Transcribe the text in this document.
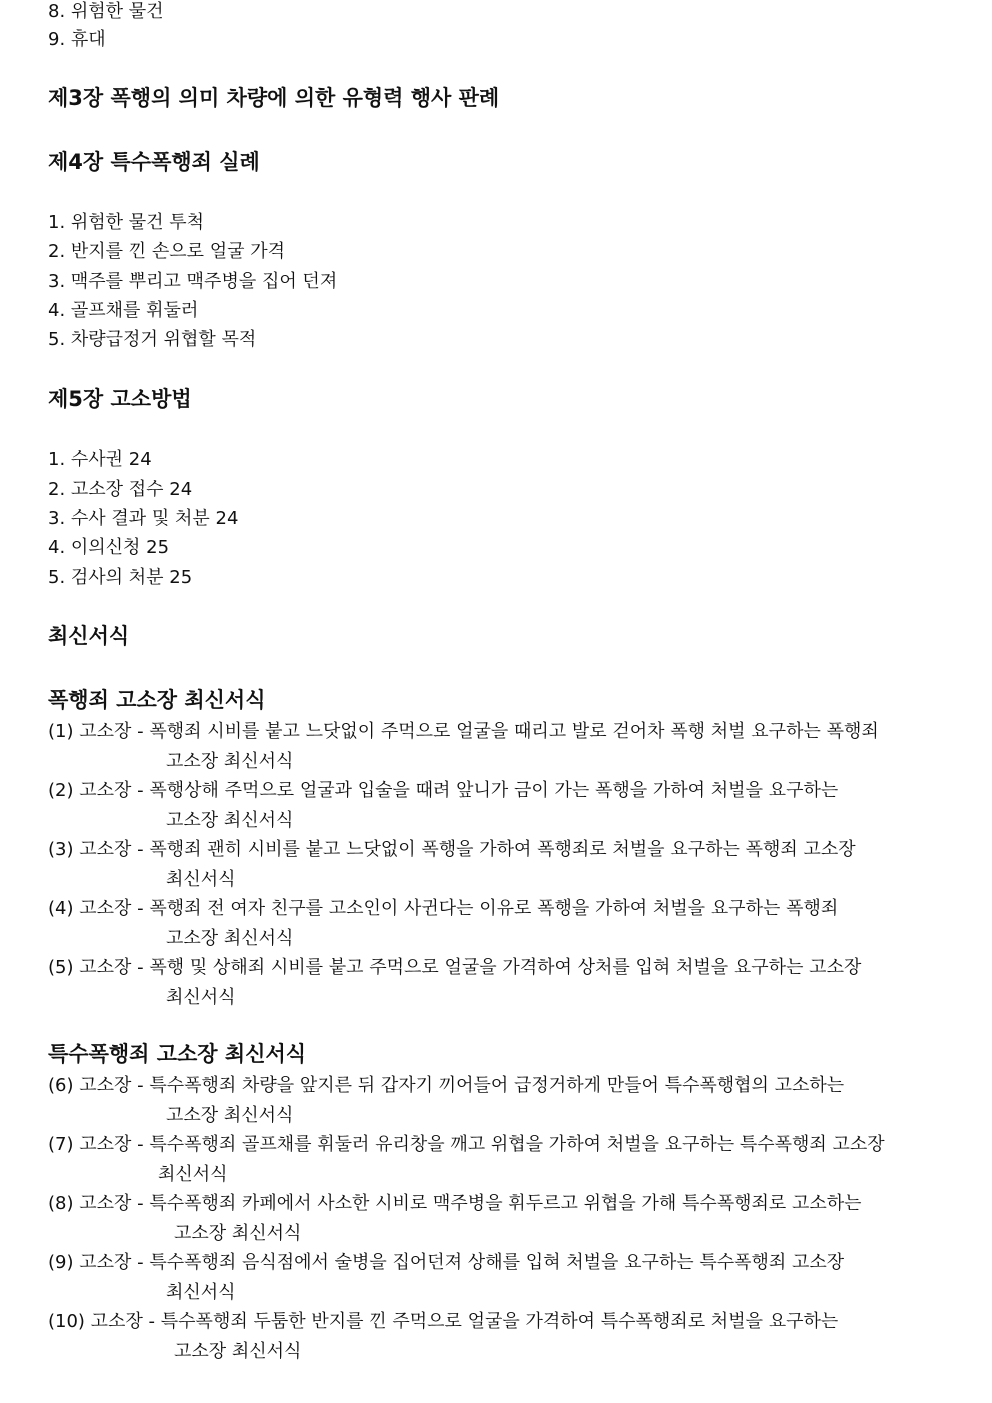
8. 위험한 물건
9. 휴대
제3장 폭행의 의미 차량에 의한 유형력 행사 판례
제4장 특수폭행죄 실례
1. 위험한 물건 투척
2. 반지를 낀 손으로 얼굴 가격
3. 맥주를 뿌리고 맥주병을 집어 던져
4. 골프채를 휘둘러
5. 차량급정거 위협할 목적
제5장 고소방법
1. 수사권 24
2. 고소장 접수 24
3. 수사 결과 및 처분 24
4. 이의신청 25
5. 검사의 처분 25
최신서식
폭행죄 고소장 최신서식
(1) 고소장 - 폭행죄 시비를 붙고 느닷없이 주먹으로 얼굴을 때리고 발로 걷어차 폭행 처벌 요구하는 폭행죄
고소장 최신서식
(2) 고소장 - 폭행상해 주먹으로 얼굴과 입술을 때려 앞니가 금이 가는 폭행을 가하여 처벌을 요구하는
고소장 최신서식
(3) 고소장 - 폭행죄 괜히 시비를 붙고 느닷없이 폭행을 가하여 폭행죄로 처벌을 요구하는 폭행죄 고소장
최신서식
(4) 고소장 - 폭행죄 전 여자 친구를 고소인이 사귄다는 이유로 폭행을 가하여 처벌을 요구하는 폭행죄
고소장 최신서식
(5) 고소장 - 폭행 및 상해죄 시비를 붙고 주먹으로 얼굴을 가격하여 상처를 입혀 처벌을 요구하는 고소장
최신서식
특수폭행죄 고소장 최신서식
(6) 고소장 - 특수폭행죄 차량을 앞지른 뒤 갑자기 끼어들어 급정거하게 만들어 특수폭행협의 고소하는
고소장 최신서식
(7) 고소장 - 특수폭행죄 골프채를 휘둘러 유리창을 깨고 위협을 가하여 처벌을 요구하는 특수폭행죄 고소장
최신서식
(8) 고소장 - 특수폭행죄 카페에서 사소한 시비로 맥주병을 휘두르고 위협을 가해 특수폭행죄로 고소하는
고소장 최신서식
(9) 고소장 - 특수폭행죄 음식점에서 술병을 집어던져 상해를 입혀 처벌을 요구하는 특수폭행죄 고소장
최신서식
(10) 고소장 - 특수폭행죄 두툼한 반지를 낀 주먹으로 얼굴을 가격하여 특수폭행죄로 처벌을 요구하는
고소장 최신서식
